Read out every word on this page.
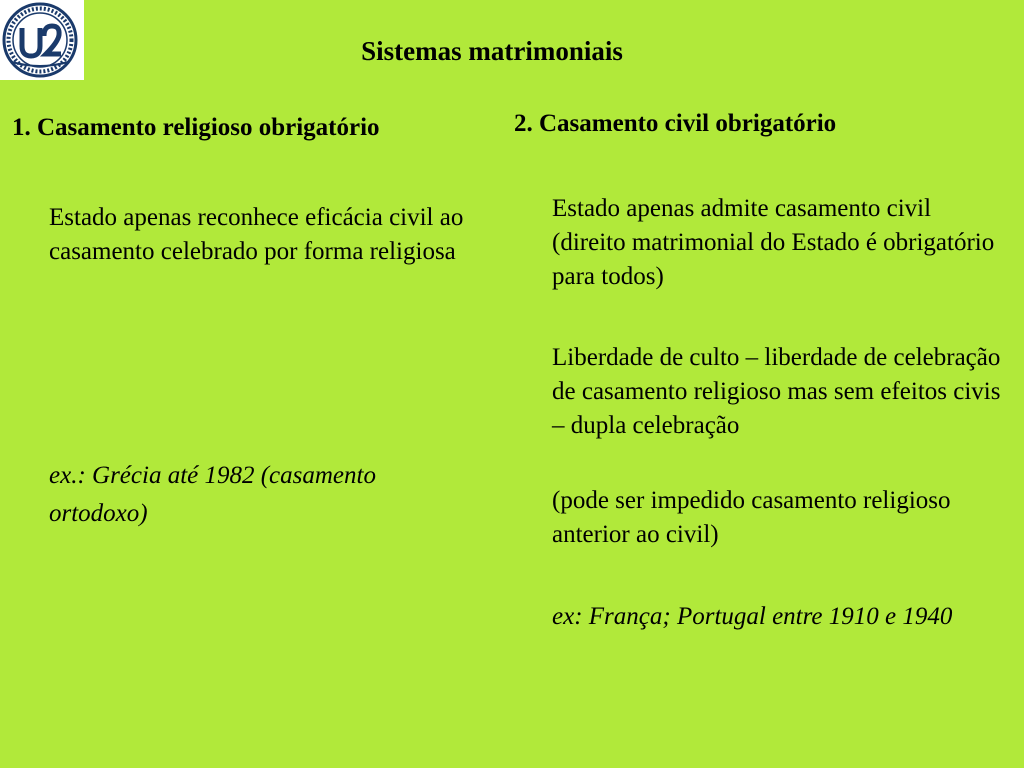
Sistemas matrimoniais
1. Casamento religioso obrigatório

Estado apenas reconhece eficácia civil ao casamento celebrado por forma religiosa

ex.: Grécia até 1982 (casamento ortodoxo)

2. Casamento civil obrigatório

Estado apenas admite casamento civil (direito matrimonial do Estado é obrigatório para todos)

Liberdade de culto – liberdade de celebração de casamento religioso mas sem efeitos civis – dupla celebração

(pode ser impedido casamento religioso anterior ao civil)

ex: França; Portugal entre 1910 e 1940
